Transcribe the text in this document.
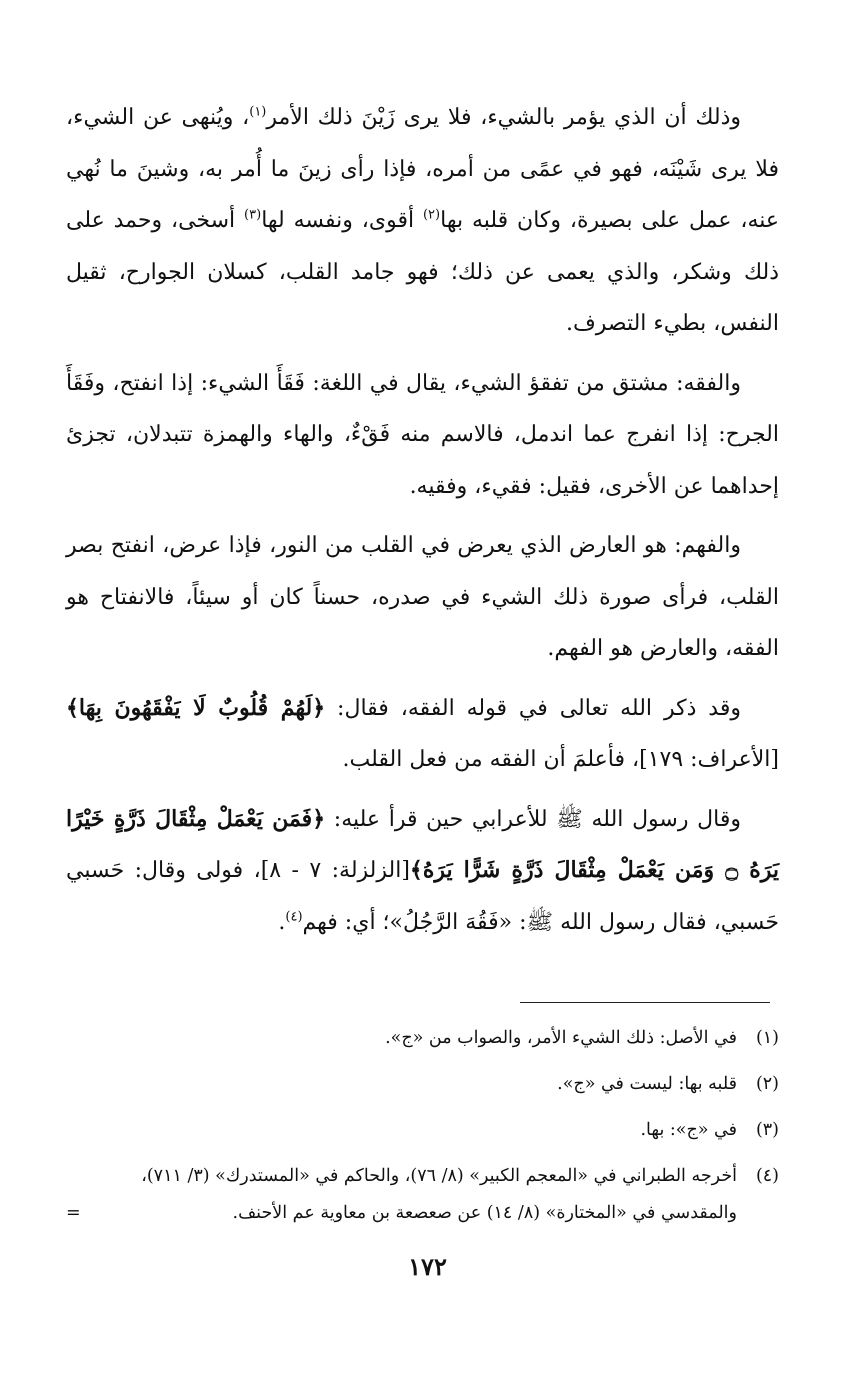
وذلك أن الذي يؤمر بالشيء، فلا يرى زَيْنَ ذلك الأمر$^{(١)}$، ويُنهى عن الشيء، فلا يرى شَيْنَه، فهو في عمًى من أمره، فإذا رأى زينَ ما أُمر به، وشينَ ما نُهي عنه، عمل على بصيرة، وكان قلبه بها$^{(٢)}$ أقوى، ونفسه لها$^{(٣)}$ أسخى، وحمد على ذلك وشكر، والذي يعمى عن ذلك؛ فهو جامد القلب، كسلان الجوارح، ثقيل النفس، بطيء التصرف.

والفقه: مشتق من تفقؤ الشيء، يقال في اللغة: فَقَأَ الشيء: إذا انفتح، وفَقَأَ الجرح: إذا انفرج عما اندمل، فالاسم منه فَقْءٌ، والهاء والهمزة تتبدلان، تجزئ إحداهما عن الأخرى، فقيل: فقيء، وفقيه.

والفهم: هو العارض الذي يعرض في القلب من النور، فإذا عرض، انفتح بصر القلب، فرأى صورة ذلك الشيء في صدره، حسناً كان أو سيئاً، فالانفتاح هو الفقه، والعارض هو الفهم.

وقد ذكر الله تعالى في قوله الفقه، فقال: ﴿لَهُمْ قُلُوبٌ لَا يَفْقَهُونَ بِهَا﴾[الأعراف: ١٧٩]، فأعلمَ أن الفقه من فعل القلب.

وقال رسول الله ﷺ للأعرابي حين قرأ عليه: ﴿فَمَن يَعْمَلْ مِثْقَالَ ذَرَّةٍ خَيْرًا يَرَهُ ۝ وَمَن يَعْمَلْ مِثْقَالَ ذَرَّةٍ شَرًّا يَرَهُ﴾[الزلزلة: ٧ - ٨]، فولى وقال: حَسبي حَسبي، فقال رسول الله ﷺ: «فَقُهَ الرَّجُلُ»؛ أي: فهم$^{(٤)}$.

(١)
في الأصل: ذلك الشيء الأمر، والصواب من «ج».
(٢)
قلبه بها: ليست في «ج».
(٣)
في «ج»: بها.
(٤)
أخرجه الطبراني في «المعجم الكبير» (٨/ ٧٦)، والحاكم في «المستدرك» (٣/ ٧١١)، والمقدسي في «المختارة» (٨/ ١٤) عن صعصعة بن معاوية عم الأحنف.
=
١٧٢
